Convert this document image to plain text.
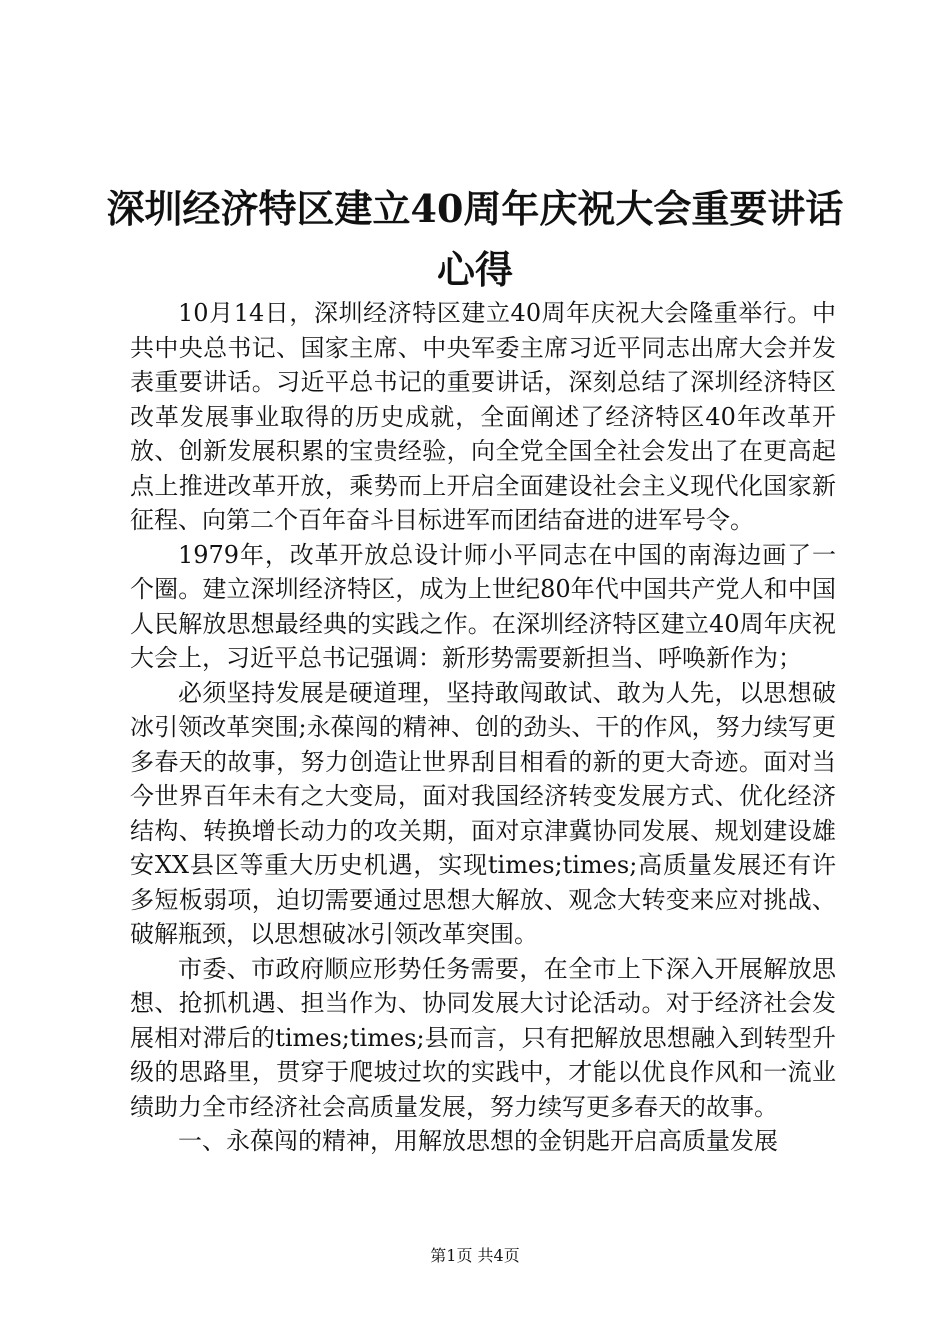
深圳经济特区建立40周年庆祝大会重要讲话
心得

10月14日，深圳经济特区建立40周年庆祝大会隆重举行。中共中央总书记、国家主席、中央军委主席习近平同志出席大会并发表重要讲话。习近平总书记的重要讲话，深刻总结了深圳经济特区改革发展事业取得的历史成就，全面阐述了经济特区40年改革开放、创新发展积累的宝贵经验，向全党全国全社会发出了在更高起点上推进改革开放，乘势而上开启全面建设社会主义现代化国家新征程、向第二个百年奋斗目标进军而团结奋进的进军号令。

1979年，改革开放总设计师小平同志在中国的南海边画了一个圈。建立深圳经济特区，成为上世纪80年代中国共产党人和中国人民解放思想最经典的实践之作。在深圳经济特区建立40周年庆祝大会上，习近平总书记强调：新形势需要新担当、呼唤新作为；

必须坚持发展是硬道理，坚持敢闯敢试、敢为人先，以思想破冰引领改革突围;永葆闯的精神、创的劲头、干的作风，努力续写更多春天的故事，努力创造让世界刮目相看的新的更大奇迹。面对当今世界百年未有之大变局，面对我国经济转变发展方式、优化经济结构、转换增长动力的攻关期，面对京津冀协同发展、规划建设雄安XX县区等重大历史机遇，实现times;times;高质量发展还有许多短板弱项，迫切需要通过思想大解放、观念大转变来应对挑战、破解瓶颈，以思想破冰引领改革突围。

市委、市政府顺应形势任务需要，在全市上下深入开展解放思想、抢抓机遇、担当作为、协同发展大讨论活动。对于经济社会发展相对滞后的times;times;县而言，只有把解放思想融入到转型升级的思路里，贯穿于爬坡过坎的实践中，才能以优良作风和一流业绩助力全市经济社会高质量发展，努力续写更多春天的故事。

一、永葆闯的精神，用解放思想的金钥匙开启高质量发展

第1页 共4页
